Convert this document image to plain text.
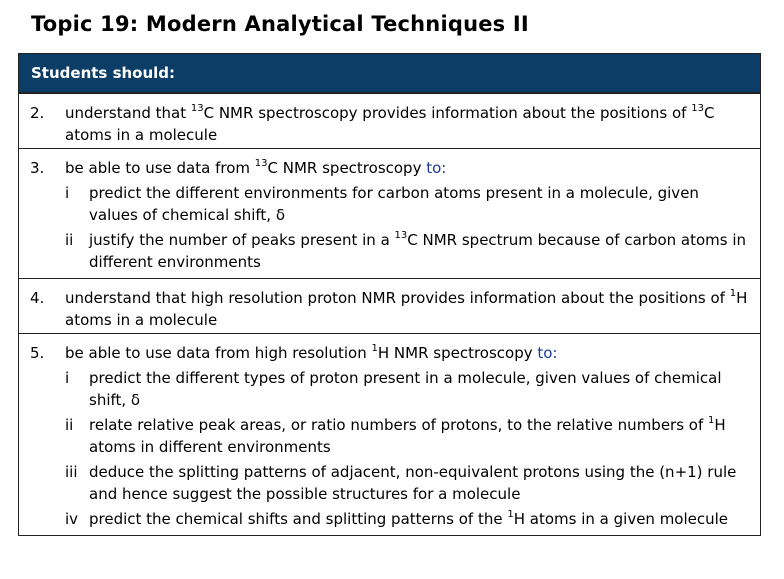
Topic 19: Modern Analytical Techniques II
Students should:
2.	understand that $^{13}$C NMR spectroscopy provides information about the positions of $^{13}$C atoms in a molecule
3.	be able to use data from $^{13}$C NMR spectroscopy to:
i	predict the different environments for carbon atoms present in a molecule, given values of chemical shift, δ
ii	justify the number of peaks present in a $^{13}$C NMR spectrum because of carbon atoms in different environments
4.	understand that high resolution proton NMR provides information about the positions of $^1$H atoms in a molecule
5.	be able to use data from high resolution $^1$H NMR spectroscopy to:
i	predict the different types of proton present in a molecule, given values of chemical shift, δ
ii	relate relative peak areas, or ratio numbers of protons, to the relative numbers of $^1$H atoms in different environments
iii deduce the splitting patterns of adjacent, non-equivalent protons using the (n+1) rule and hence suggest the possible structures for a molecule
iv predict the chemical shifts and splitting patterns of the $^1$H atoms in a given molecule
